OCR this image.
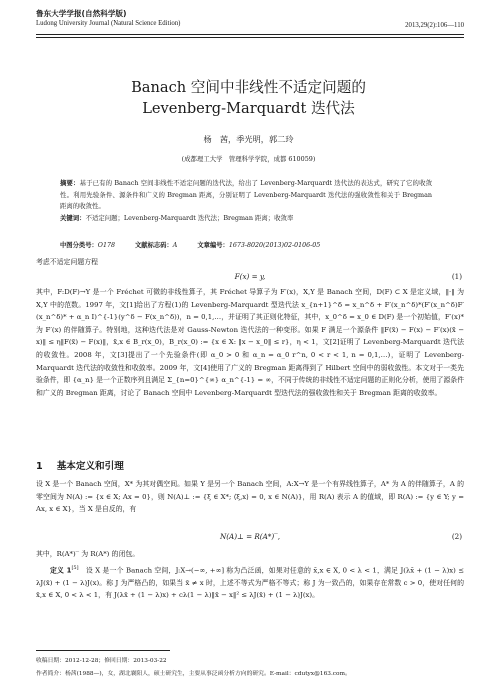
鲁东大学学报(自然科学版)
Ludong University Journal (Natural Science Edition)	2013,29(2):106—110
Banach 空间中非线性不适定问题的
Levenberg-Marquardt 迭代法
杨　茜，季光明，郭二玲
(成都理工大学　管理科学学院，成都 610059)
摘要：基于已有的 Banach 空间非线性不适定问题的迭代法，给出了 Levenberg-Marquardt 迭代法的表达式，研究了它的收敛性。利用先验条件、源条件和广义的 Bregman 距离，分别证明了 Levenberg-Marquardt 迭代法的强收敛性和关于 Bregman 距离的收敛性。
关键词：不适定问题；Levenberg-Marquardt 迭代法；Bregman 距离；收敛率
中图分类号：O178	文献标志码：A	文章编号：1673-8020(2013)02-0106-05
考虑不适定问题方程
F(x) = y,	(1)
其中，F:D(F)→Y 是一个 Fréchet 可微的非线性算子，其 Fréchet 导算子为 F′(x)，X,Y 是 Banach 空间，D(F) ⊂ X 是定义域，‖·‖ 为 X,Y 中的范数。1997 年，文[1]给出了方程(1)的 Levenberg-Marquardt 型迭代法 x_{n+1}^δ = x_n^δ + F′(x_n^δ)*(F′(x_n^δ)F′(x_n^δ)* + α_n I)^{-1}(y^δ − F(x_n^δ))，n = 0,1,…，并证明了其正则化特征，其中，x_0^δ = x_0 ∈ D(F) 是一个初始值，F′(x)* 为 F′(x) 的伴随算子。特别地，这种迭代法是对 Gauss-Newton 迭代法的一种变形。如果 F 满足一个源条件 ‖F(x̃) − F(x) − F′(x)(x̃ − x)‖ ≤ η‖F(x̃) − F(x)‖，x̃,x ∈ B_r(x_0)，B_r(x_0) := {x ∈ X: ‖x − x_0‖ ≤ r}，η < 1，文[2]证明了 Levenberg-Marquardt 迭代法的收敛性。2008 年，文[3]提出了一个先验条件(即 α_0 > 0 和 α_n = α_0 r^n, 0 < r < 1, n = 0,1,…)，证明了 Levenberg-Marquardt 迭代法的收敛性和收敛率。2009 年，文[4]使用了广义的 Bregman 距离得到了 Hilbert 空间中的弱收敛性。本文对于一类先验条件，即 {α_n} 是一个正数序列且满足 Σ_{n=0}^{∞} α_n^{-1} = ∞，不同于传统的非线性不适定问题的正则化分析，使用了源条件和广义的 Bregman 距离，讨论了 Banach 空间中 Levenberg-Marquardt 型迭代法的强收敛性和关于 Bregman 距离的收敛率。
1 基本定义和引理
设 X 是一个 Banach 空间，X* 为其对偶空间。如果 Y 是另一个 Banach 空间，A:X→Y 是一个有界线性算子，A* 为 A 的伴随算子，A 的零空间为 N(A) := {x ∈ X; Ax = 0}，则 N(A)⊥ := {ξ ∈ X*; ⟨ξ,x⟩ = 0, x ∈ N(A)}，用 R(A) 表示 A 的值域，即 R(A) := {y ∈ Y; y = Ax, x ∈ X}，当 X 是自反的，有
N(A)⊥ = R(A*)‾,	(2)
其中，R(A*)‾ 为 R(A*) 的闭包。
定义 1[5]　 设 X 是一个 Banach 空间，J:X→(−∞, +∞] 称为凸泛函，如果对任意的 x̄,x ∈ X, 0 < λ < 1，满足 J(λx̄ + (1 − λ)x) ≤ λJ(x̄) + (1 − λ)J(x)。称 J 为严格凸的，如果当 x̄ ≠ x 时，上述不等式为严格不等式；称 J 为一致凸的，如果存在常数 c > 0，使对任何的 x̄,x ∈ X, 0 < λ < 1，有 J(λx̄ + (1 − λ)x) + cλ(1 − λ)‖x̄ − x‖² ≤ λJ(x̄) + (1 − λ)J(x)。
收稿日期：2012-12-28；修回日期：2013-03-22
作者简介：杨茜(1988—)，女，湖北襄阳人，硕士研究生，主要从事泛函分析方向的研究。E-mail：cdutyx@163.com。
